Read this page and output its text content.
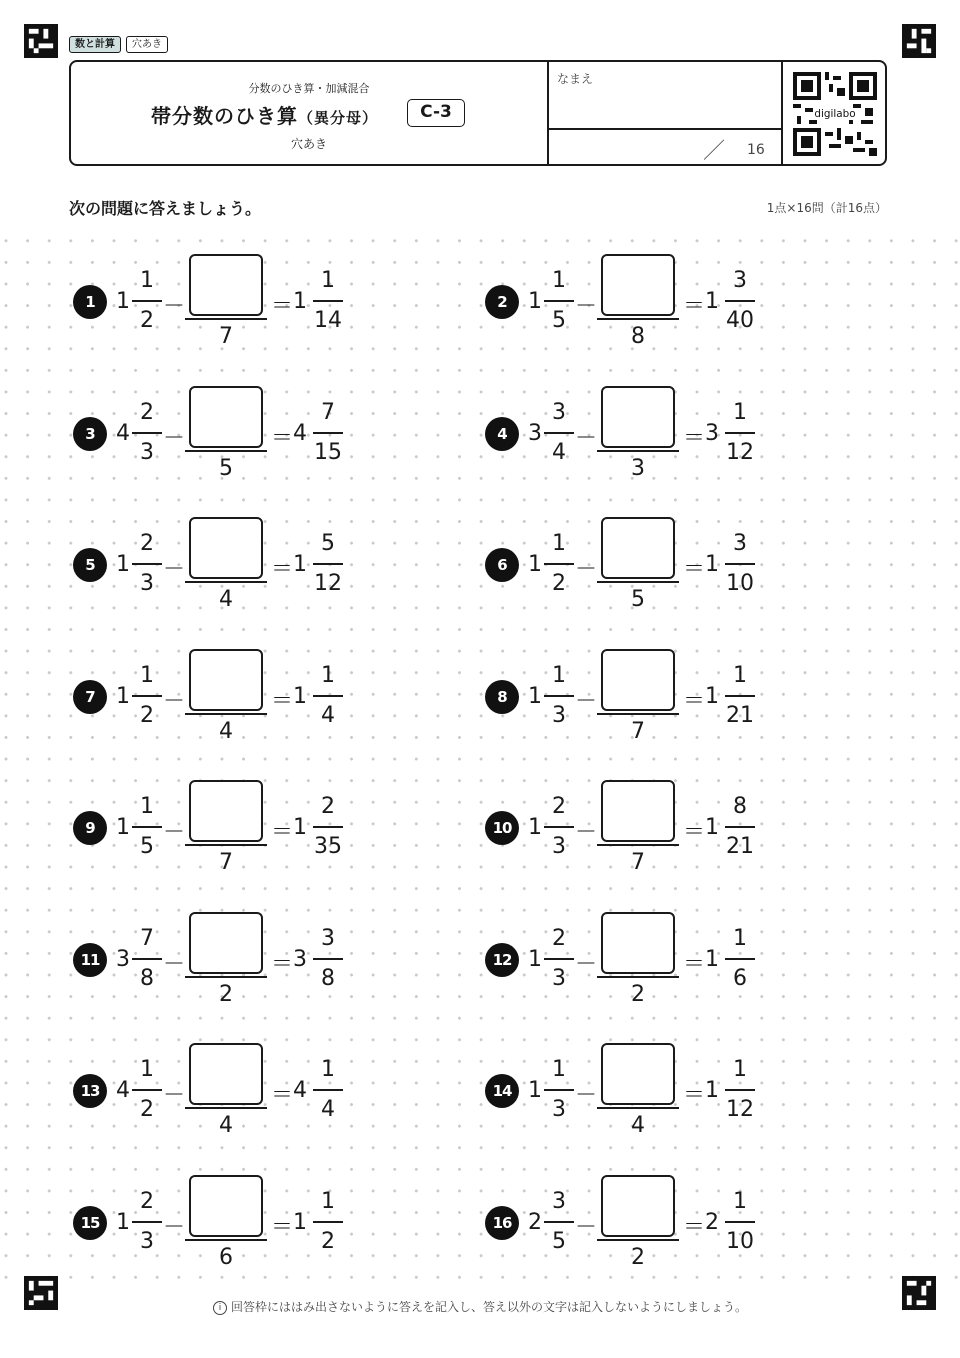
数と計算	穴あき
分数のひき算・加減混合
帯分数のひき算（異分母）	C-3
穴あき
なまえ
／ 16
digilabo
次の問題に答えましょう。	1点×16問（計16点）
1 1
1
2
－
7
＝ 1
1
14
2 1
1
5
－
8
＝ 1
3
40
3 4
2
3
－
5
＝ 4
7
15
4 3
3
4
－
3
＝ 3
1
12
5 1
2
3
－
4
＝ 1
5
12
6 1
1
2
－
5
＝ 1
3
10
7 1
1
2
－
4
＝ 1
1
4
8 1
1
3
－
7
＝ 1
1
21
9 1
1
5
－
7
＝ 1
2
35
10 1
2
3
－
7
＝ 1
8
21
11 3
7
8
－
2
＝ 3
3
8
12 1
2
3
－
2
＝ 1
1
6
13 4
1
2
－
4
＝ 4
1
4
14 1
1
3
－
4
＝ 1
1
12
15 1
2
3
－
6
＝ 1
1
2
16 2
3
5
－
2
＝ 2
1
10
i 回答枠にははみ出さないように答えを記入し、答え以外の文字は記入しないようにしましょう。
